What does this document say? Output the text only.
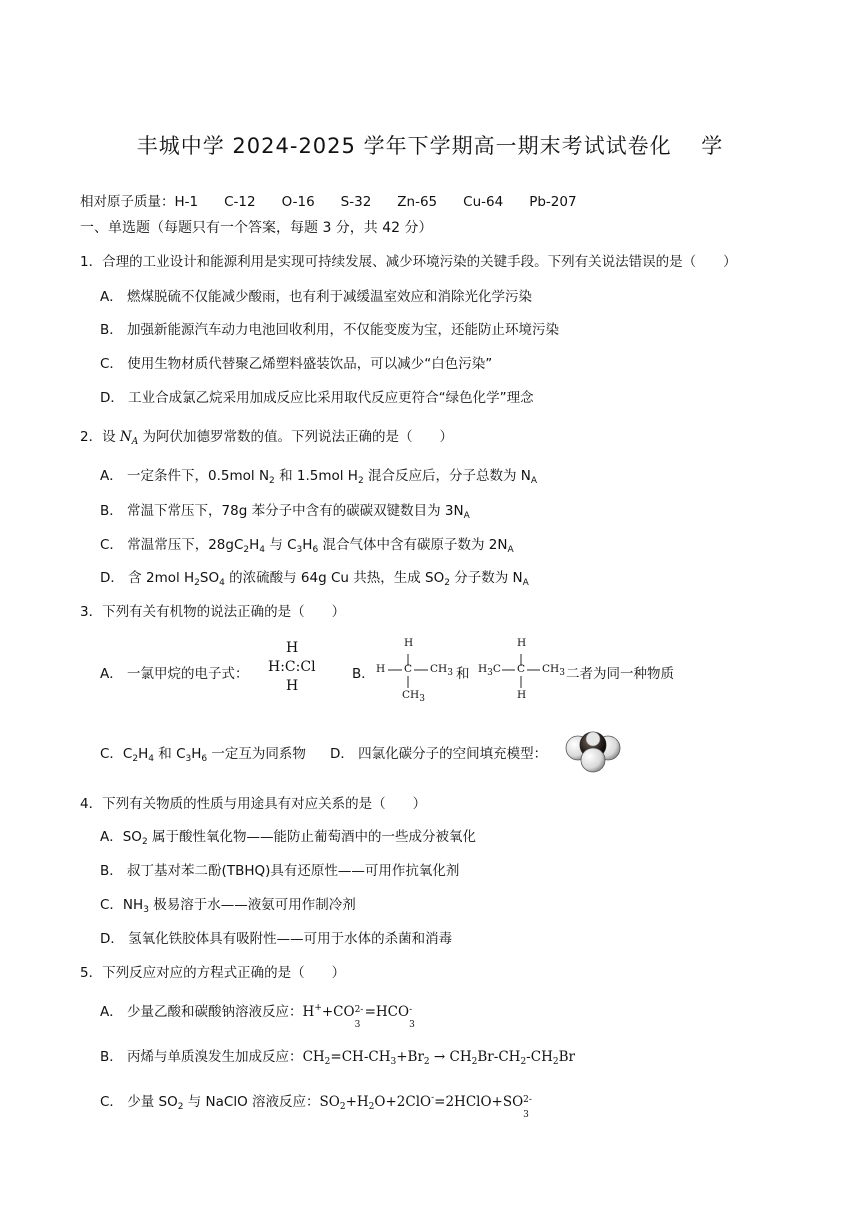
丰城中学 2024-2025 学年下学期高一期末考试试卷化　 学
相对原子质量：H-1 C-12 O-16 S-32 Zn-65 Cu-64 Pb-207
一、单选题（每题只有一个答案，每题 3 分，共 42 分）
1．合理的工业设计和能源利用是实现可持续发展、减少环境污染的关键手段。下列有关说法错误的是（　　）
A． 燃煤脱硫不仅能减少酸雨，也有利于减缓温室效应和消除光化学污染
B． 加强新能源汽车动力电池回收利用，不仅能变废为宝，还能防止环境污染
C． 使用生物材质代替聚乙烯塑料盛装饮品，可以减少“白色污染”
D． 工业合成氯乙烷采用加成反应比采用取代反应更符合“绿色化学”理念
2．设 $N_A$ 为阿伏加德罗常数的值。下列说法正确的是（　　）
A． 一定条件下，0.5mol $N_2$ 和 1.5mol $H_2$ 混合反应后，分子总数为 $N_A$
B． 常温下常压下，78g 苯分子中含有的碳碳双键数目为 $3N_A$
C． 常温常压下，$28gC_2H_4$ 与 $C_3H_6$ 混合气体中含有碳原子数为 $2N_A$
D． 含 2mol $H_2SO_4$ 的浓硫酸与 64g Cu 共热，生成 $SO_2$ 分子数为 $N_A$
3．下列有关有机物的说法正确的是（　　）
A． 一氯甲烷的电子式：
H
H:C:Cl
H
B．
H
H C $CH_3$
$CH_3$
和
H
$H_3C$ C $CH_3$
H
二者为同一种物质
C．$C_2H_4$ 和 $C_3H_6$ 一定互为同系物 D． 四氯化碳分子的空间填充模型：
4．下列有关物质的性质与用途具有对应关系的是（　　）
A．$SO_2$ 属于酸性氧化物——能防止葡萄酒中的一些成分被氧化
B． 叔丁基对苯二酚(TBHQ)具有还原性——可用作抗氧化剂
C．$NH_3$ 极易溶于水——液氨可用作制冷剂
D． 氢氧化铁胶体具有吸附性——可用于水体的杀菌和消毒
5．下列反应对应的方程式正确的是（　　）
A． 少量乙酸和碳酸钠溶液反应：H++CO 2-
3
=HCO -
3
B． 丙烯与单质溴发生加成反应：$CH_2=CH-CH_3+Br_2 \to CH_2Br-CH_2-CH_2Br$
C． 少量 $SO_2$ 与 NaClO 溶液反应：$SO_2+H_2O+2ClO^-=2HClO+SO$ 2-
3
